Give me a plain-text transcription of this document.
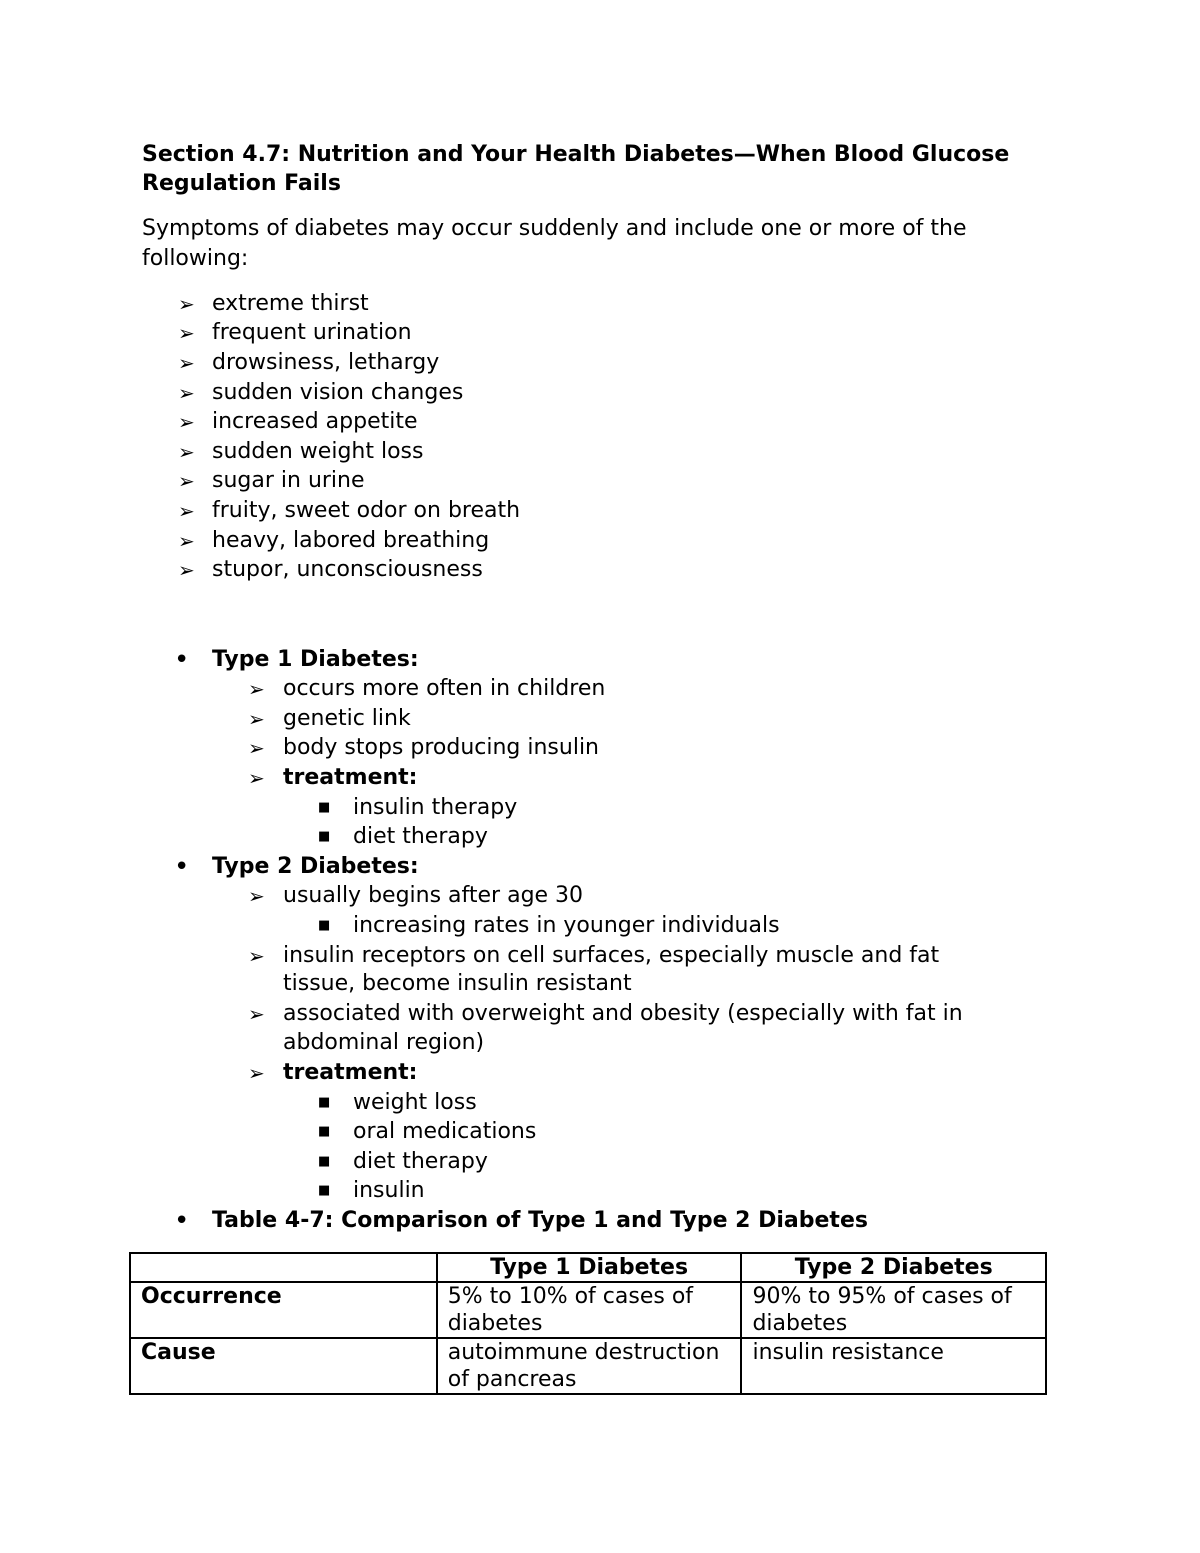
Section 4.7: Nutrition and Your Health Diabetes—When Blood Glucose Regulation Fails

Symptoms of diabetes may occur suddenly and include one or more of the following:

➢ extreme thirst
➢ frequent urination
➢ drowsiness, lethargy
➢ sudden vision changes
➢ increased appetite
➢ sudden weight loss
➢ sugar in urine
➢ fruity, sweet odor on breath
➢ heavy, labored breathing
➢ stupor, unconsciousness
• Type 1 Diabetes:
➢ occurs more often in children
➢ genetic link
➢ body stops producing insulin
➢ treatment:
■ insulin therapy
■ diet therapy
• Type 2 Diabetes:
➢ usually begins after age 30
■ increasing rates in younger individuals
➢ insulin receptors on cell surfaces, especially muscle and fat
tissue, become insulin resistant
➢ associated with overweight and obesity (especially with fat in
abdominal region)
➢ treatment:
■ weight loss
■ oral medications
■ diet therapy
■ insulin
• Table 4-7: Comparison of Type 1 and Type 2 Diabetes
	Type 1 Diabetes	Type 2 Diabetes
Occurrence	5% to 10% of cases of diabetes	90% to 95% of cases of diabetes
Cause	autoimmune destruction of pancreas	insulin resistance
